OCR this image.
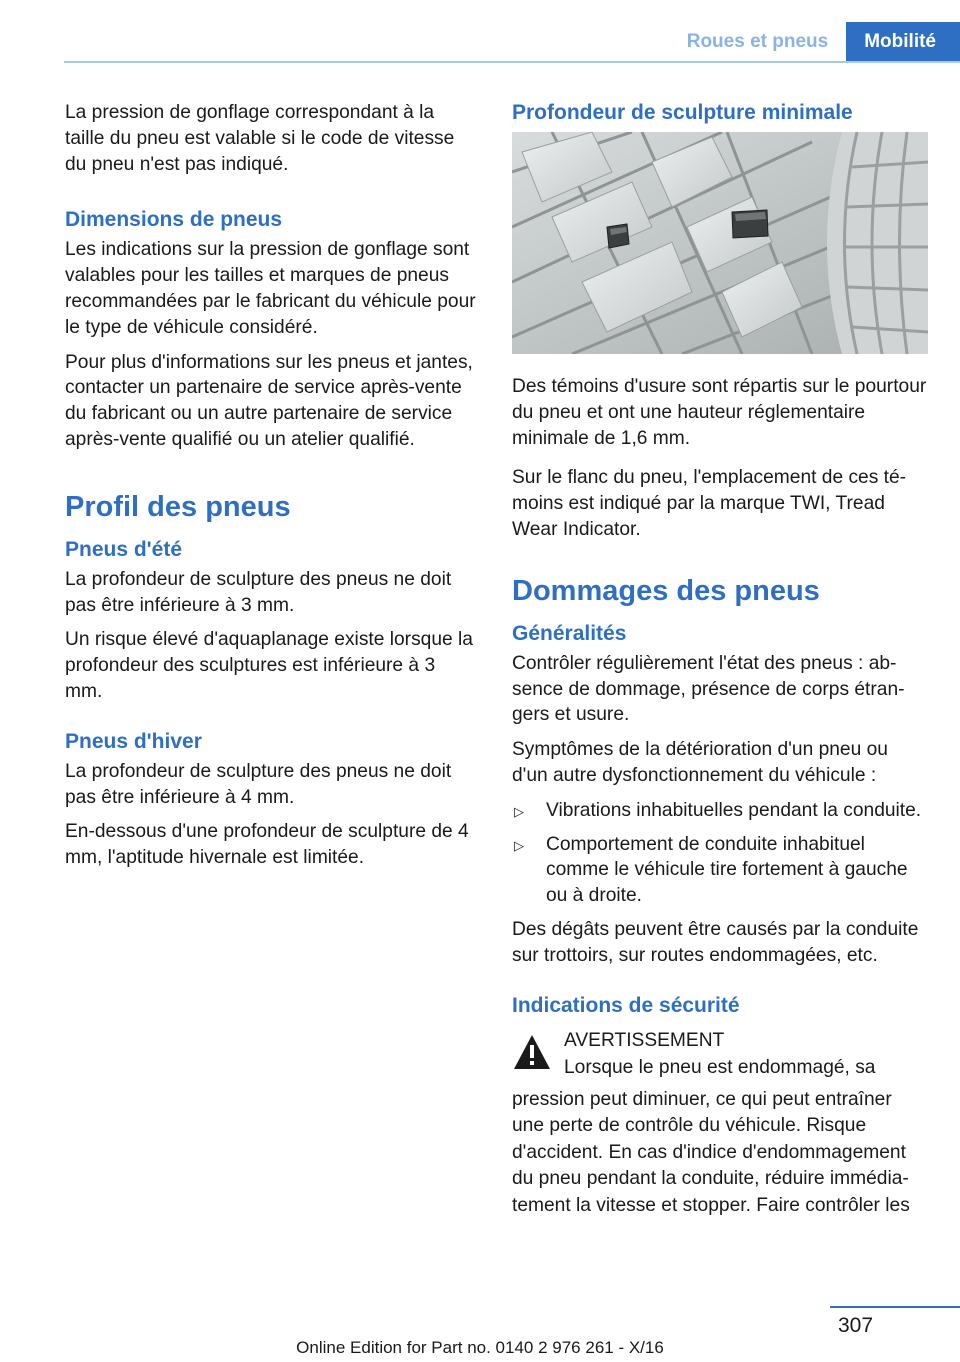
Roues et pneus	Mobilité

La pression de gonflage correspondant à la taille du pneu est valable si le code de vitesse du pneu n'est pas indiqué.

Dimensions de pneus

Les indications sur la pression de gonflage sont valables pour les tailles et marques de pneus recommandées par le fabricant du véhicule pour le type de véhicule considéré.

Pour plus d'informations sur les pneus et jantes, contacter un partenaire de service après-vente du fabricant ou un autre partenaire de service après-vente qualifié ou un atelier qualifié.

Profil des pneus
Pneus d'été

La profondeur de sculpture des pneus ne doit pas être inférieure à 3 mm.

Un risque élevé d'aquaplanage existe lorsque la profondeur des sculptures est inférieure à 3 mm.

Pneus d'hiver

La profondeur de sculpture des pneus ne doit pas être inférieure à 4 mm.

En-dessous d'une profondeur de sculpture de 4 mm, l'aptitude hivernale est limitée.

Profondeur de sculpture minimale

Des témoins d'usure sont répartis sur le pourtour du pneu et ont une hauteur réglementaire minimale de 1,6 mm.

Sur le flanc du pneu, l'emplacement de ces témoins est indiqué par la marque TWI, Tread Wear Indicator.

Dommages des pneus
Généralités

Contrôler régulièrement l'état des pneus : absence de dommage, présence de corps étrangers et usure.

Symptômes de la détérioration d'un pneu ou d'un autre dysfonctionnement du véhicule :

▷ Vibrations inhabituelles pendant la conduite.
▷ Comportement de conduite inhabituel comme le véhicule tire fortement à gauche ou à droite.

Des dégâts peuvent être causés par la conduite sur trottoirs, sur routes endommagées, etc.

Indications de sécurité

AVERTISSEMENT

Lorsque le pneu est endommagé, sa

pression peut diminuer, ce qui peut entraîner une perte de contrôle du véhicule. Risque d'accident. En cas d'indice d'endommagement du pneu pendant la conduite, réduire immédiatement la vitesse et stopper. Faire contrôler les

307
Online Edition for Part no. 0140 2 976 261 - X/16
